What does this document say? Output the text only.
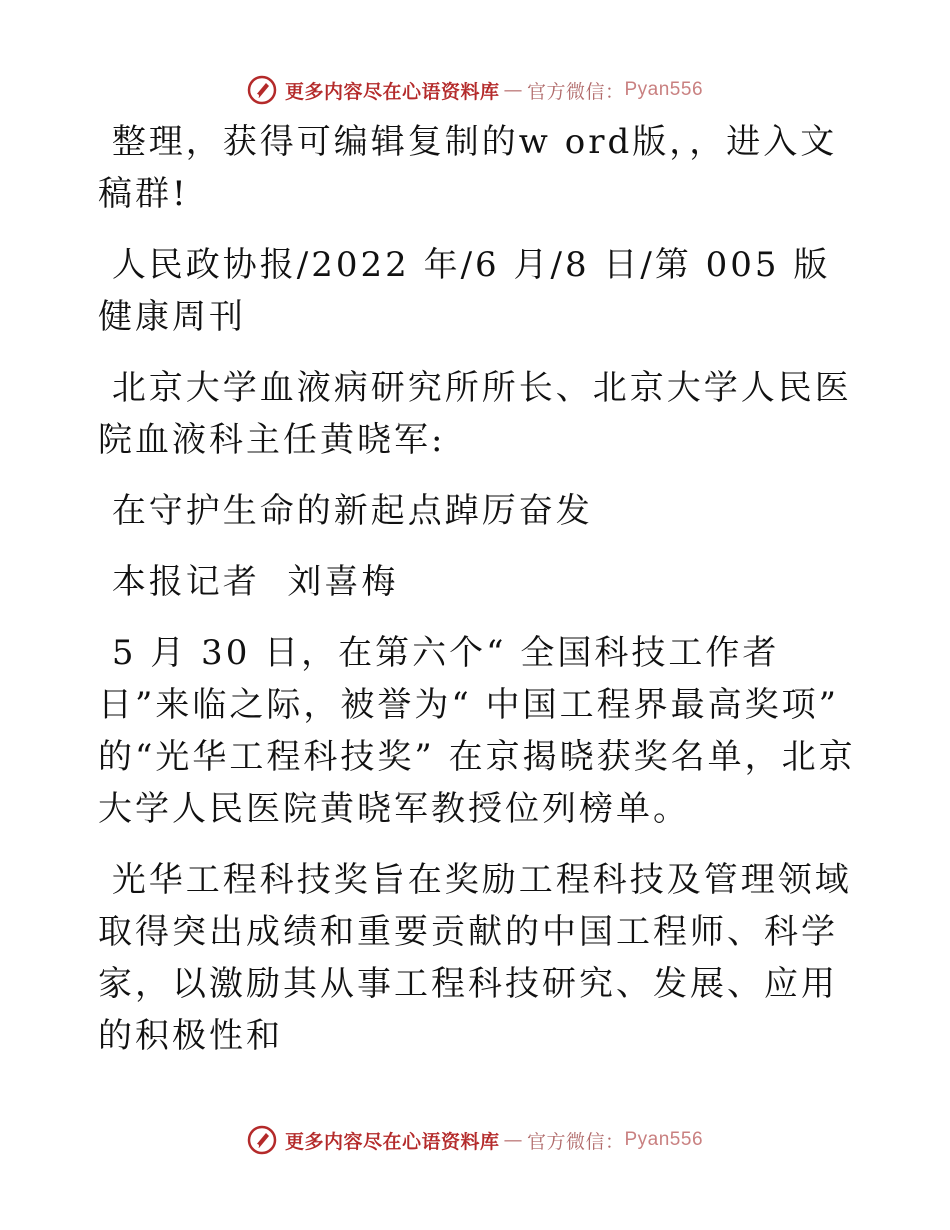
更多内容尽在心语资料库 — 官方微信： Pyan556

整理，获得可编辑复制的w ord版，，进入文稿群!

人民政协报/2022 年/6 月/8 日/第 005 版健康周刊

北京大学血液病研究所所长、北京大学人民医院血液科主任黄晓军:

在守护生命的新起点踔厉奋发

本报记者  刘喜梅

5 月 30 日，在第六个“ 全国科技工作者日”来临之际，被誉为“ 中国工程界最高奖项” 的“光华工程科技奖” 在京揭晓获奖名单，北京大学人民医院黄晓军教授位列榜单。

光华工程科技奖旨在奖励工程科技及管理领域取得突出成绩和重要贡献的中国工程师、科学家，以激励其从事工程科技研究、发展、应用的积极性和

更多内容尽在心语资料库 — 官方微信： Pyan556
